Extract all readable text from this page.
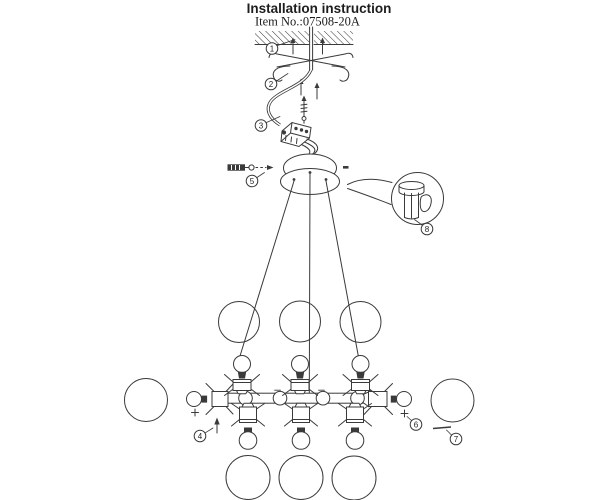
Installation instruction
Item No.:07508-20A
1
2
3
4
5
6
7
8
